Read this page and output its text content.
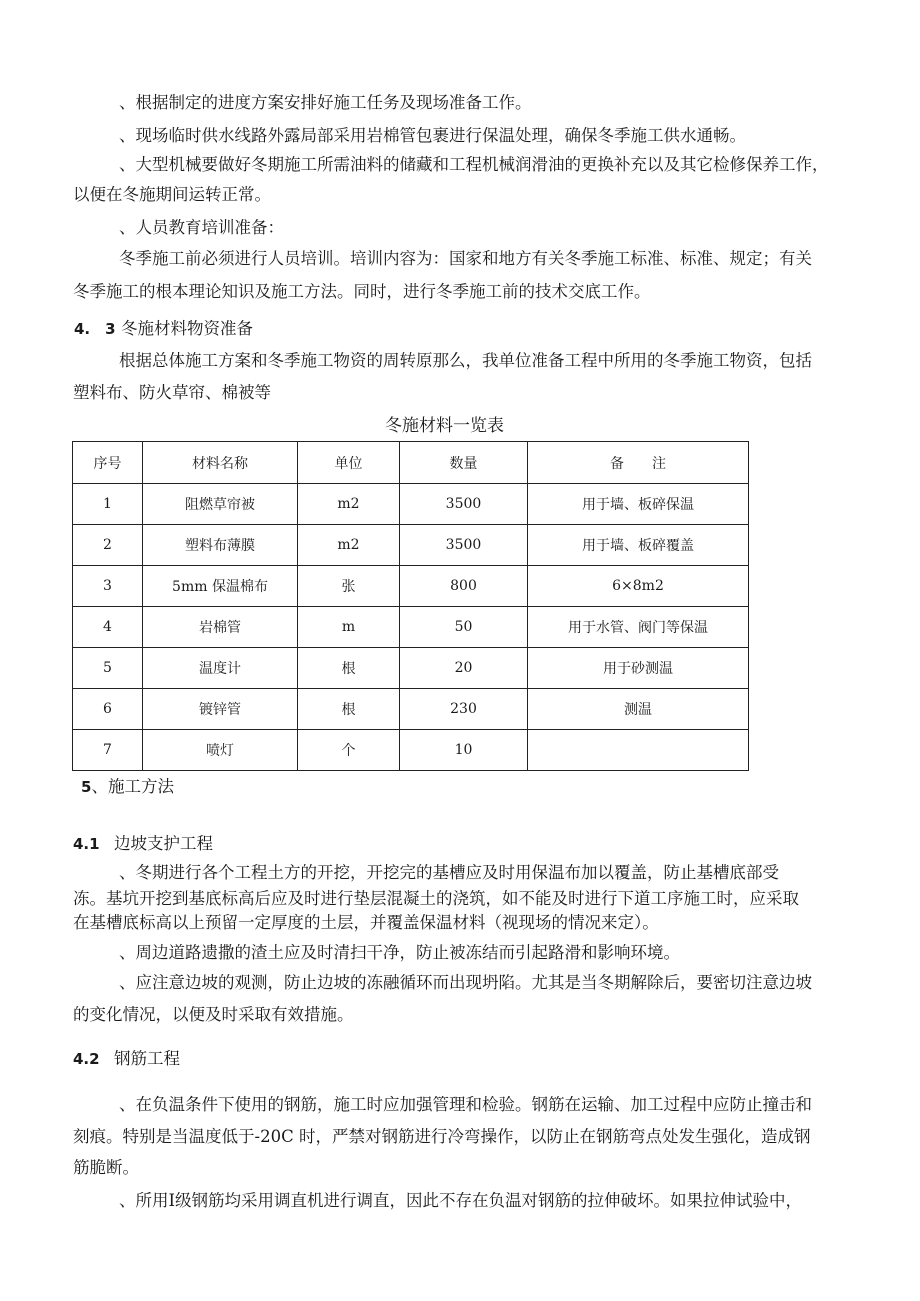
、根据制定的进度方案安排好施工任务及现场准备工作。
、现场临时供水线路外露局部采用岩棉管包裹进行保温处理，确保冬季施工供水通畅。
、大型机械要做好冬期施工所需油料的储藏和工程机械润滑油的更换补充以及其它检修保养工作，
以便在冬施期间运转正常。
、人员教育培训准备：
冬季施工前必须进行人员培训。培训内容为：国家和地方有关冬季施工标准、标准、规定；有关
冬季施工的根本理论知识及施工方法。同时，进行冬季施工前的技术交底工作。
4.　3 冬施材料物资准备
根据总体施工方案和冬季施工物资的周转原那么，我单位准备工程中所用的冬季施工物资，包括
塑料布、防火草帘、棉被等
冬施材料一览表
序号	材料名称	单位	数量	备　　注
1	阻燃草帘被	m2	3500	用于墙、板碎保温
2	塑料布薄膜	m2	3500	用于墙、板碎覆盖
3	5mm 保温棉布	张	800	6×8m2
4	岩棉管	m	50	用于水管、阀门等保温
5	温度计	根	20	用于砂测温
6	镀锌管	根	230	测温
7	喷灯	个	10	
5、施工方法
4.1 边坡支护工程
、冬期进行各个工程土方的开挖，开挖完的基槽应及时用保温布加以覆盖，防止基槽底部受
冻。基坑开挖到基底标高后应及时进行垫层混凝土的浇筑，如不能及时进行下道工序施工时，应采取
在基槽底标高以上预留一定厚度的土层，并覆盖保温材料（视现场的情况来定）。
、周边道路遗撒的渣土应及时清扫干净，防止被冻结而引起路滑和影响环境。
、应注意边坡的观测，防止边坡的冻融循环而出现坍陷。尤其是当冬期解除后，要密切注意边坡
的变化情况，以便及时采取有效措施。
4.2 钢筋工程
、在负温条件下使用的钢筋，施工时应加强管理和检验。钢筋在运输、加工过程中应防止撞击和
刻痕。特别是当温度低于-20C 时，严禁对钢筋进行冷弯操作，以防止在钢筋弯点处发生强化，造成钢
筋脆断。
、所用Ⅰ级钢筋均采用调直机进行调直，因此不存在负温对钢筋的拉伸破坏。如果拉伸试验中，
